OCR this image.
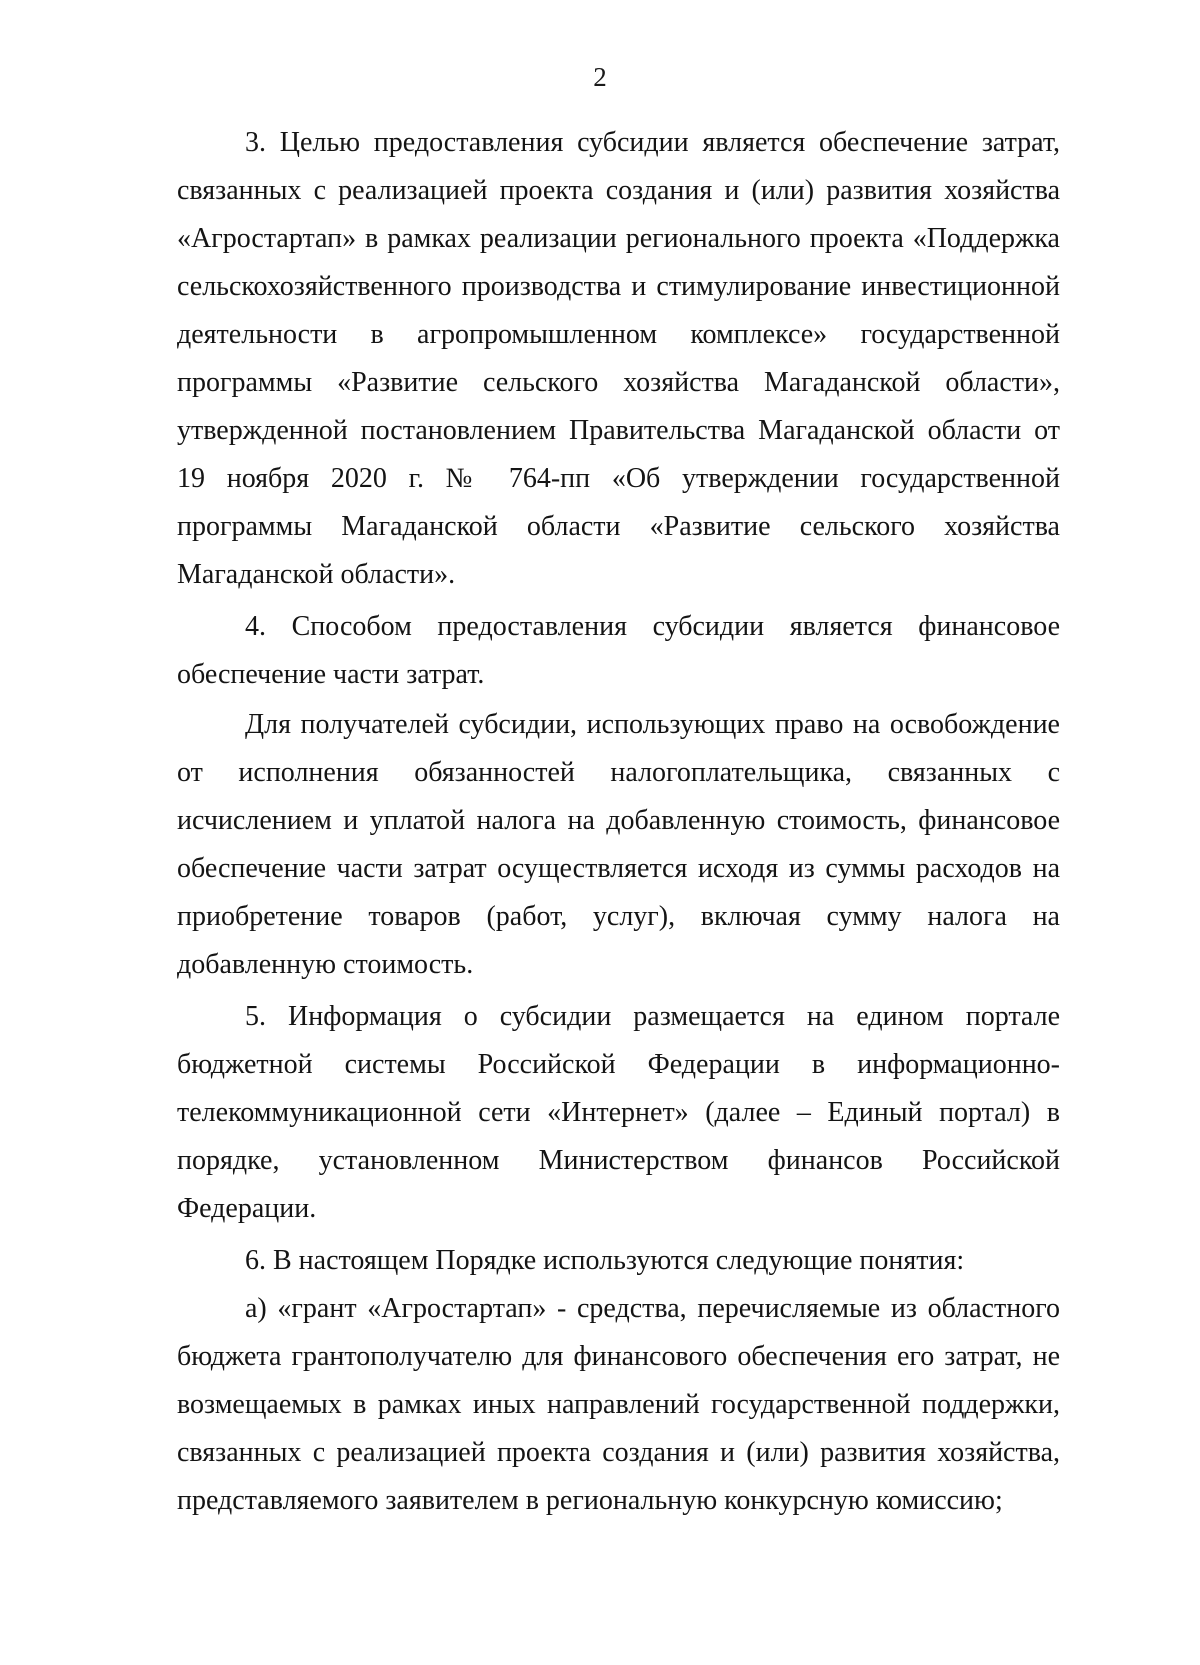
2

3. Целью предоставления субсидии является обеспечение затрат, связанных с реализацией проекта создания и (или) развития хозяйства «Агростартап» в рамках реализации регионального проекта «Поддержка сельскохозяйственного производства и стимулирование инвестиционной деятельности в агропромышленном комплексе» государственной программы «Развитие сельского хозяйства Магаданской области», утвержденной постановлением Правительства Магаданской области от 19 ноября 2020 г. № 764-пп «Об утверждении государственной программы Магаданской области «Развитие сельского хозяйства Магаданской области».

4. Способом предоставления субсидии является финансовое обеспечение части затрат.

Для получателей субсидии, использующих право на освобождение от исполнения обязанностей налогоплательщика, связанных с исчислением и уплатой налога на добавленную стоимость, финансовое обеспечение части затрат осуществляется исходя из суммы расходов на приобретение товаров (работ, услуг), включая сумму налога на добавленную стоимость.

5. Информация о субсидии размещается на едином портале бюджетной системы Российской Федерации в информационно-телекоммуникационной сети «Интернет» (далее – Единый портал) в порядке, установленном Министерством финансов Российской Федерации.

6. В настоящем Порядке используются следующие понятия:

а) «грант «Агростартап» - средства, перечисляемые из областного бюджета грантополучателю для финансового обеспечения его затрат, не возмещаемых в рамках иных направлений государственной поддержки, связанных с реализацией проекта создания и (или) развития хозяйства, представляемого заявителем в региональную конкурсную комиссию;
